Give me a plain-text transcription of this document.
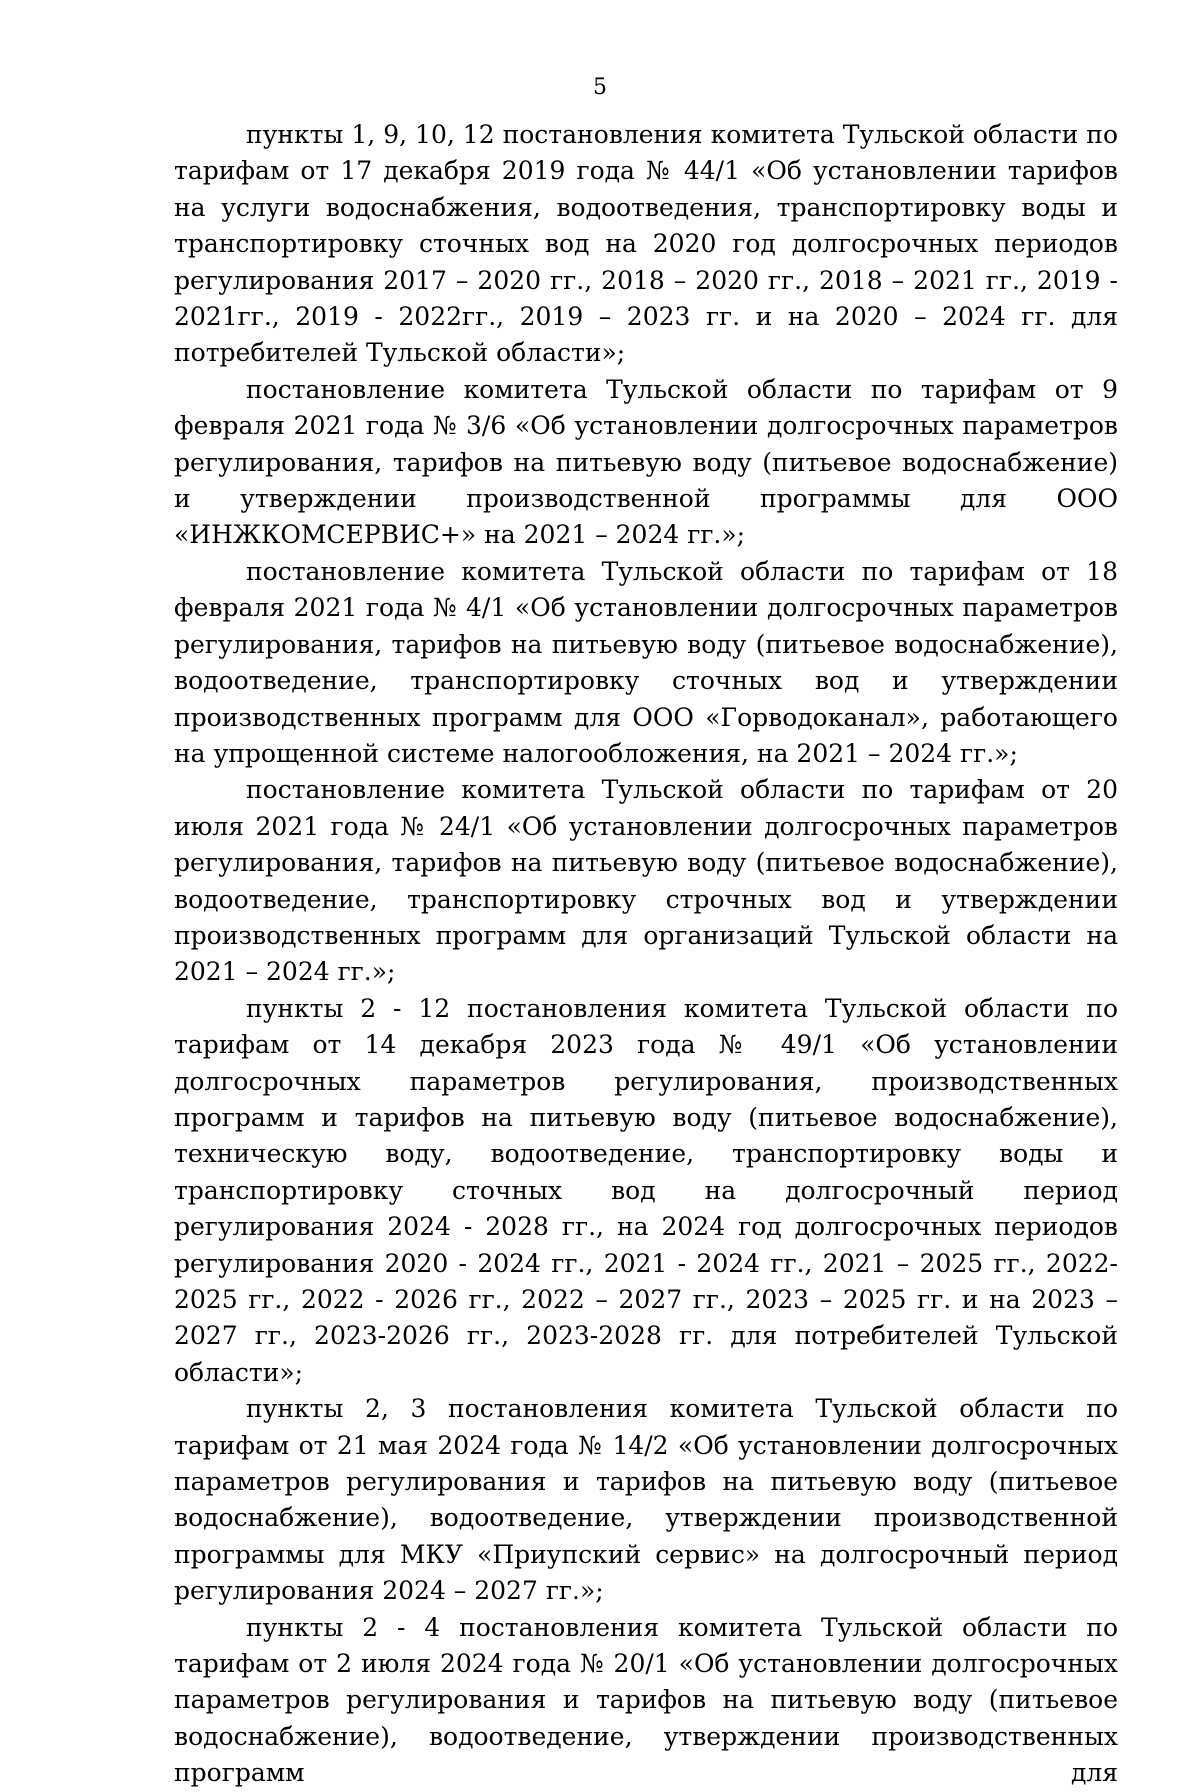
5

пункты 1, 9, 10, 12 постановления комитета Тульской области по тарифам от 17 декабря 2019 года № 44/1 «Об установлении тарифов на услуги водоснабжения, водоотведения, транспортировку воды и транспортировку сточных вод на 2020 год долгосрочных периодов регулирования 2017 – 2020 гг., 2018 – 2020 гг., 2018 – 2021 гг., 2019 - 2021гг., 2019 - 2022гг., 2019 – 2023 гг. и на 2020 – 2024 гг. для потребителей Тульской области»;

постановление комитета Тульской области по тарифам от 9 февраля 2021 года № 3/6 «Об установлении долгосрочных параметров регулирования, тарифов на питьевую воду (питьевое водоснабжение) и утверждении производственной программы для ООО «ИНЖКОМСЕРВИС+» на 2021 – 2024 гг.»;

постановление комитета Тульской области по тарифам от 18 февраля 2021 года № 4/1 «Об установлении долгосрочных параметров регулирования, тарифов на питьевую воду (питьевое водоснабжение), водоотведение, транспортировку сточных вод и утверждении производственных программ для ООО «Горводоканал», работающего на упрощенной системе налогообложения, на 2021 – 2024 гг.»;

постановление комитета Тульской области по тарифам от 20 июля 2021 года № 24/1 «Об установлении долгосрочных параметров регулирования, тарифов на питьевую воду (питьевое водоснабжение), водоотведение, транспортировку строчных вод и утверждении производственных программ для организаций Тульской области на 2021 – 2024 гг.»;

пункты 2 - 12 постановления комитета Тульской области по тарифам от 14 декабря 2023 года № 49/1 «Об установлении долгосрочных параметров регулирования, производственных программ и тарифов на питьевую воду (питьевое водоснабжение), техническую воду, водоотведение, транспортировку воды и транспортировку сточных вод на долгосрочный период регулирования 2024 - 2028 гг., на 2024 год долгосрочных периодов регулирования 2020 - 2024 гг., 2021 - 2024 гг., 2021 – 2025 гг., 2022-2025 гг., 2022 - 2026 гг., 2022 – 2027 гг., 2023 – 2025 гг. и на 2023 – 2027 гг., 2023-2026 гг., 2023-2028 гг. для потребителей Тульской области»;

пункты 2, 3 постановления комитета Тульской области по тарифам от 21 мая 2024 года № 14/2 «Об установлении долгосрочных параметров регулирования и тарифов на питьевую воду (питьевое водоснабжение), водоотведение, утверждении производственной программы для МКУ «Приупский сервис» на долгосрочный период регулирования 2024 – 2027 гг.»;

пункты 2 - 4 постановления комитета Тульской области по тарифам от 2 июля 2024 года № 20/1 «Об установлении долгосрочных параметров регулирования и тарифов на питьевую воду (питьевое водоснабжение), водоотведение, утверждении производственных программ для
